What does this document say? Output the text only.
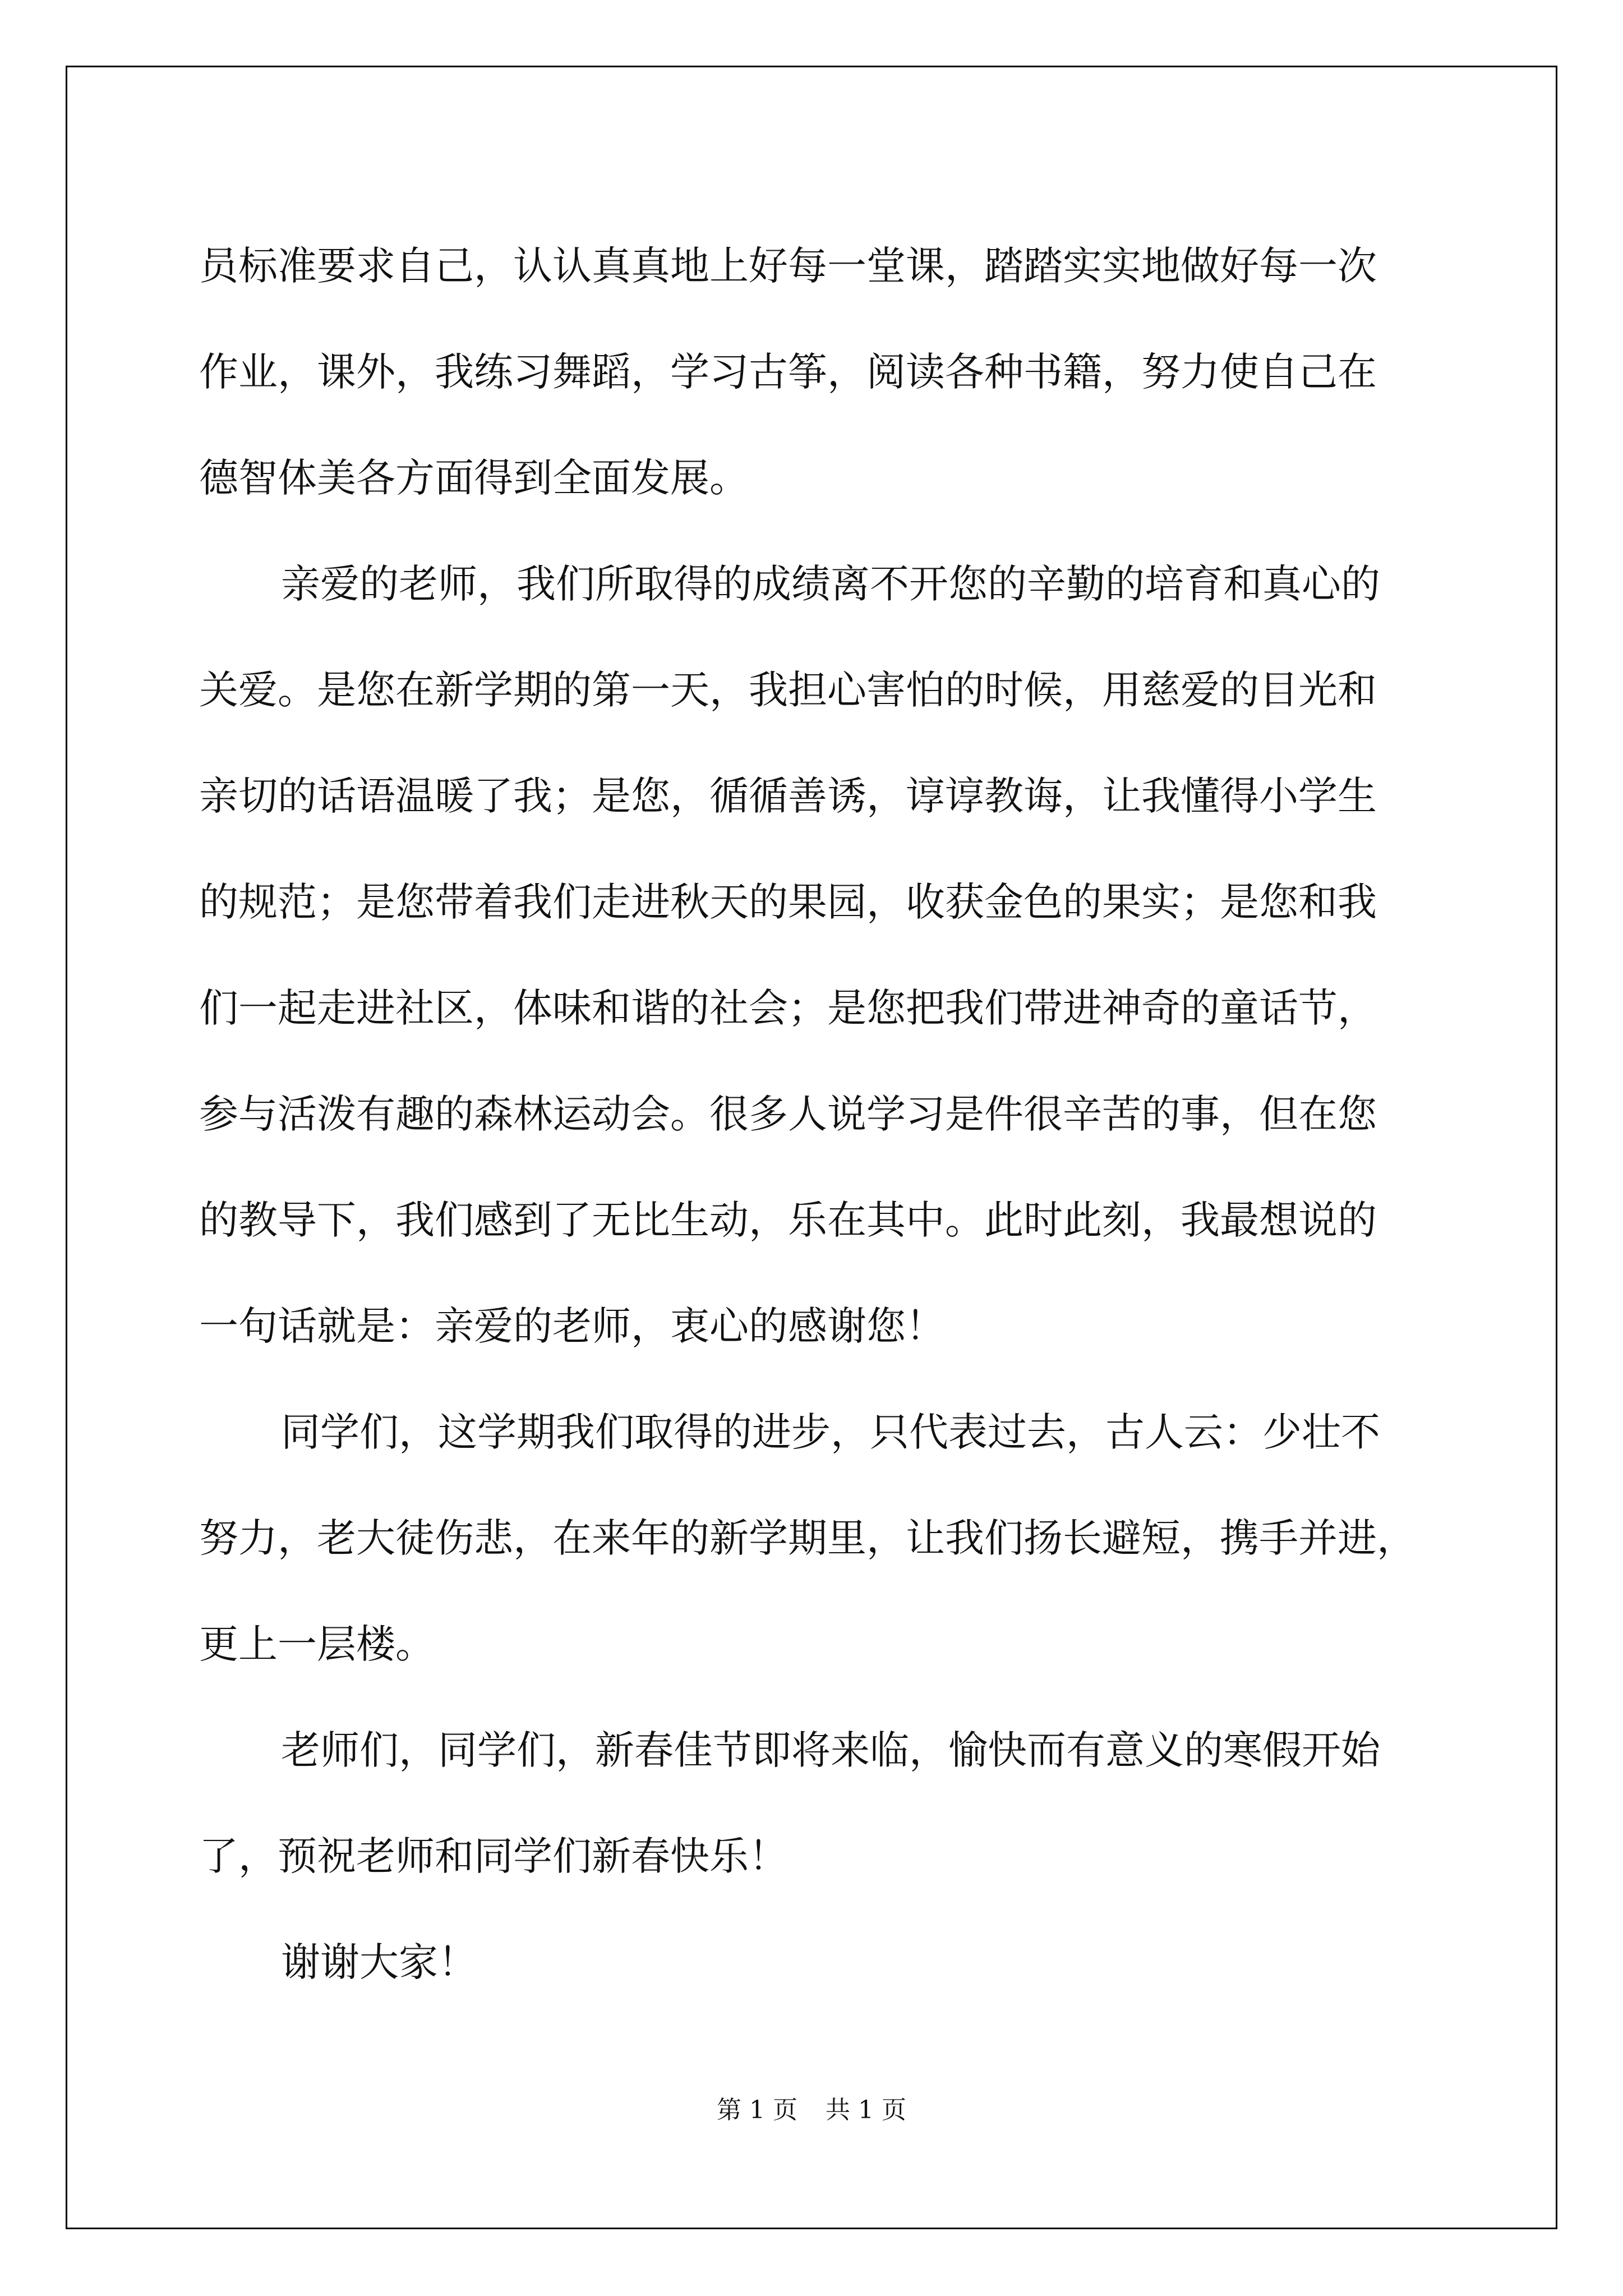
员标准要求自己，认认真真地上好每一堂课，踏踏实实地做好每一次
作业，课外，我练习舞蹈，学习古筝，阅读各种书籍，努力使自己在
德智体美各方面得到全面发展。
亲爱的老师，我们所取得的成绩离不开您的辛勤的培育和真心的
关爱。是您在新学期的第一天，我担心害怕的时候，用慈爱的目光和
亲切的话语温暖了我；是您，循循善诱，谆谆教诲，让我懂得小学生
的规范；是您带着我们走进秋天的果园，收获金色的果实；是您和我
们一起走进社区，体味和谐的社会；是您把我们带进神奇的童话节，
参与活泼有趣的森林运动会。很多人说学习是件很辛苦的事，但在您
的教导下，我们感到了无比生动，乐在其中。此时此刻，我最想说的
一句话就是：亲爱的老师，衷心的感谢您！
同学们，这学期我们取得的进步，只代表过去，古人云：少壮不
努力，老大徒伤悲，在来年的新学期里，让我们扬长避短，携手并进，
更上一层楼。
老师们，同学们，新春佳节即将来临，愉快而有意义的寒假开始
了，预祝老师和同学们新春快乐！
谢谢大家！
第 1 页 共 1 页
